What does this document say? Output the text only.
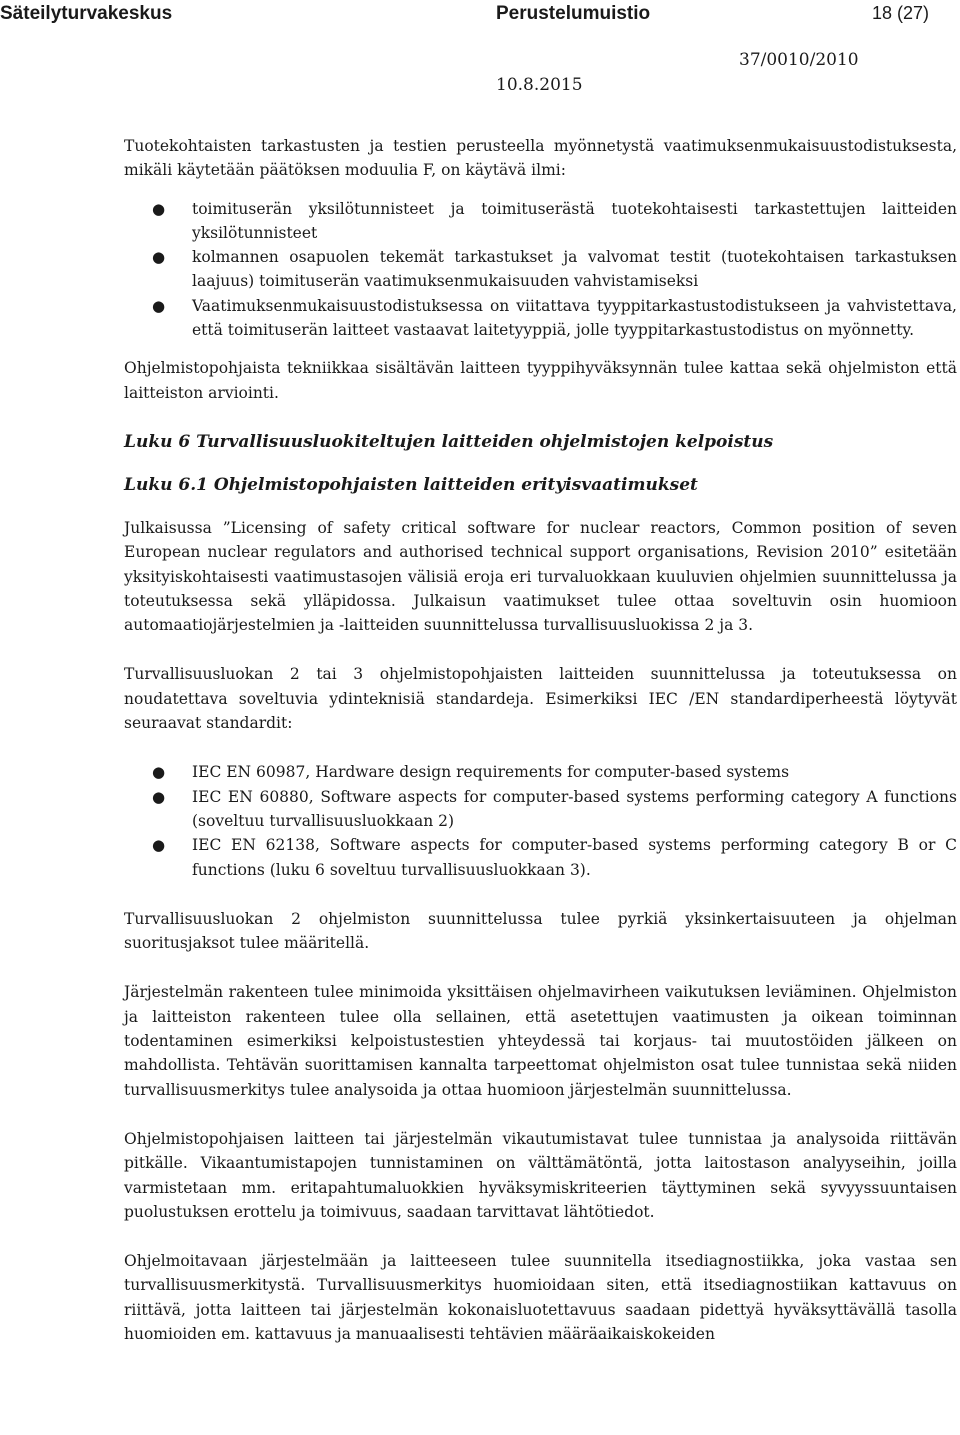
Säteilyturvakeskus	Perustelumuistio	18 (27)
37/0010/2010
10.8.2015

Tuotekohtaisten tarkastusten ja testien perusteella myönnetystä vaatimuksenmukaisuustodistuksesta, mikäli käytetään päätöksen moduulia F, on käytävä ilmi:

● toimituserän yksilötunnisteet ja toimituserästä tuotekohtaisesti tarkastettujen laitteiden yksilötunnisteet
● kolmannen osapuolen tekemät tarkastukset ja valvomat testit (tuotekohtaisen tarkastuksen laajuus) toimituserän vaatimuksenmukaisuuden vahvistamiseksi
● Vaatimuksenmukaisuustodistuksessa on viitattava tyyppitarkastustodistukseen ja vahvistettava, että toimituserän laitteet vastaavat laitetyyppiä, jolle tyyppitarkastustodistus on myönnetty.

Ohjelmistopohjaista tekniikkaa sisältävän laitteen tyyppihyväksynnän tulee kattaa sekä ohjelmiston että laitteiston arviointi.

Luku 6 Turvallisuusluokiteltujen laitteiden ohjelmistojen kelpoistus

Luku 6.1 Ohjelmistopohjaisten laitteiden erityisvaatimukset

Julkaisussa ”Licensing of safety critical software for nuclear reactors, Common position of seven European nuclear regulators and authorised technical support organisations, Revision 2010” esitetään yksityiskohtaisesti vaatimustasojen välisiä eroja eri turvaluokkaan kuuluvien ohjelmien suunnittelussa ja toteutuksessa sekä ylläpidossa. Julkaisun vaatimukset tulee ottaa soveltuvin osin huomioon automaatiojärjestelmien ja -laitteiden suunnittelussa turvallisuusluokissa 2 ja 3.

Turvallisuusluokan 2 tai 3 ohjelmistopohjaisten laitteiden suunnittelussa ja toteutuksessa on noudatettava soveltuvia ydinteknisiä standardeja. Esimerkiksi IEC /EN standardiperheestä löytyvät seuraavat standardit:

● IEC EN 60987, Hardware design requirements for computer-based systems
● IEC EN 60880, Software aspects for computer-based systems performing category A functions (soveltuu turvallisuusluokkaan 2)
● IEC EN 62138, Software aspects for computer-based systems performing category B or C functions (luku 6 soveltuu turvallisuusluokkaan 3).

Turvallisuusluokan 2 ohjelmiston suunnittelussa tulee pyrkiä yksinkertaisuuteen ja ohjelman suoritusjaksot tulee määritellä.

Järjestelmän rakenteen tulee minimoida yksittäisen ohjelmavirheen vaikutuksen leviäminen. Ohjelmiston ja laitteiston rakenteen tulee olla sellainen, että asetettujen vaatimusten ja oikean toiminnan todentaminen esimerkiksi kelpoistustestien yhteydessä tai korjaus- tai muutostöiden jälkeen on mahdollista. Tehtävän suorittamisen kannalta tarpeettomat ohjelmiston osat tulee tunnistaa sekä niiden turvallisuusmerkitys tulee analysoida ja ottaa huomioon järjestelmän suunnittelussa.

Ohjelmistopohjaisen laitteen tai järjestelmän vikautumistavat tulee tunnistaa ja analysoida riittävän pitkälle. Vikaantumistapojen tunnistaminen on välttämätöntä, jotta laitostason analyyseihin, joilla varmistetaan mm. eritapahtumaluokkien hyväksymiskriteerien täyttyminen sekä syvyyssuuntaisen puolustuksen erottelu ja toimivuus, saadaan tarvittavat lähtötiedot.

Ohjelmoitavaan järjestelmään ja laitteeseen tulee suunnitella itsediagnostiikka, joka vastaa sen turvallisuusmerkitystä. Turvallisuusmerkitys huomioidaan siten, että itsediagnostiikan kattavuus on riittävä, jotta laitteen tai järjestelmän kokonaisluotettavuus saadaan pidettyä hyväksyttävällä tasolla huomioiden em. kattavuus ja manuaalisesti tehtävien määräaikaiskokeiden
